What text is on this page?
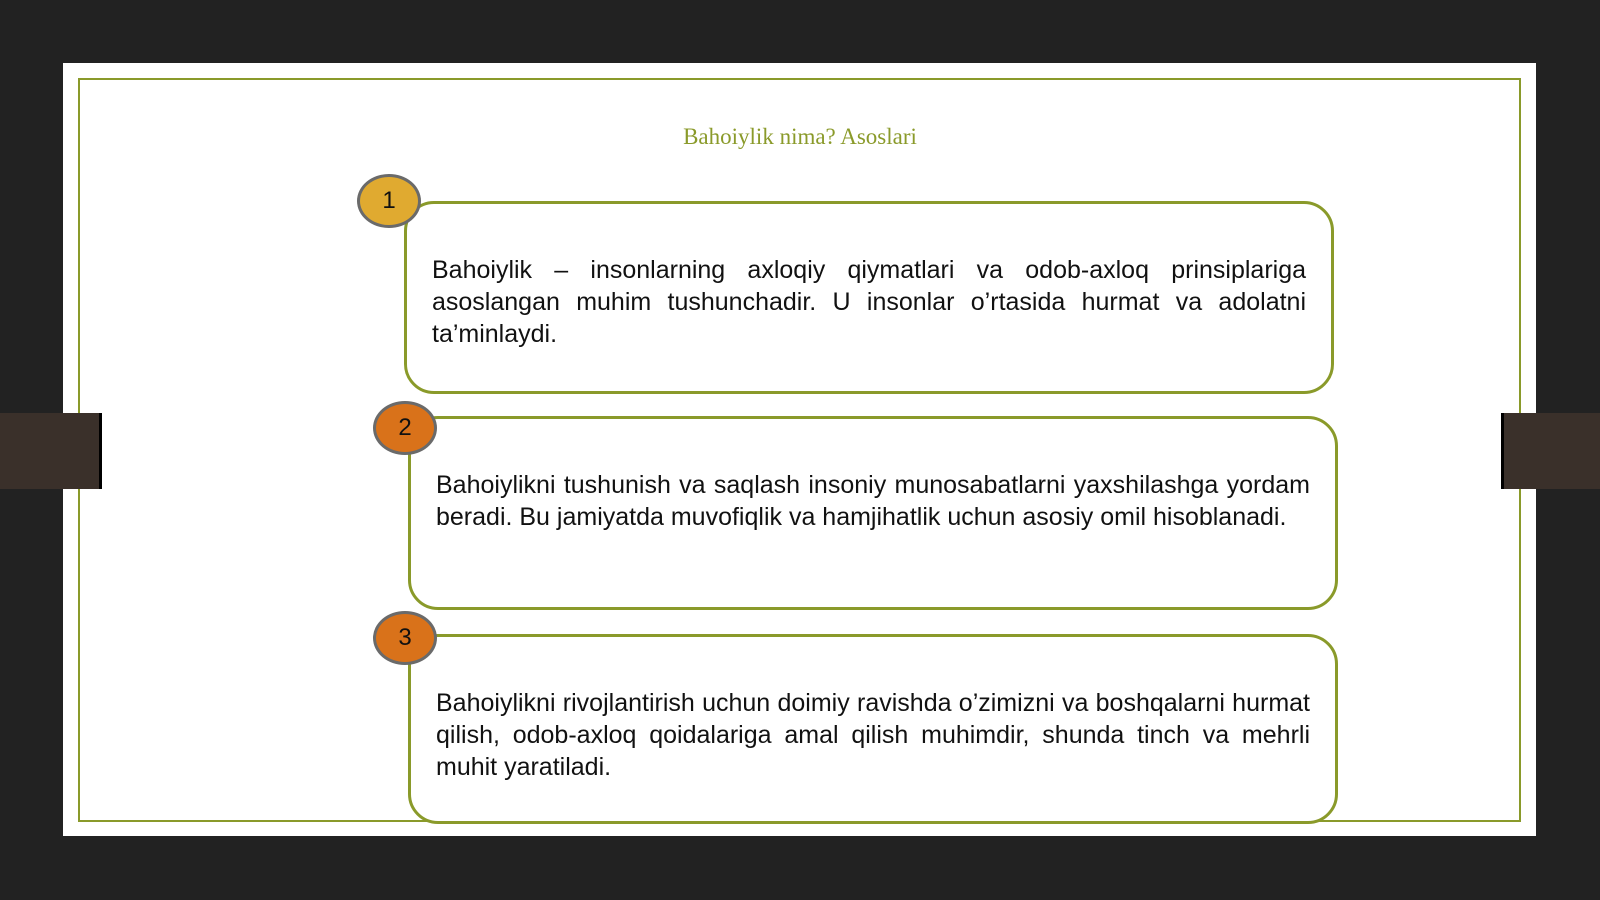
Bahoiylik nima? Asoslari
Bahoiylik – insonlarning axloqiy qiymatlari va odob-axloq prinsiplariga asoslangan muhim tushunchadir. U insonlar o’rtasida hurmat va adolatni ta’minlaydi.
1
Bahoiylikni tushunish va saqlash insoniy munosabatlarni yaxshilashga yordam beradi. Bu jamiyatda muvofiqlik va hamjihatlik uchun asosiy omil hisoblanadi.
2
Bahoiylikni rivojlantirish uchun doimiy ravishda o’zimizni va boshqalarni hurmat qilish, odob-axloq qoidalariga amal qilish muhimdir, shunda tinch va mehrli muhit yaratiladi.
3
